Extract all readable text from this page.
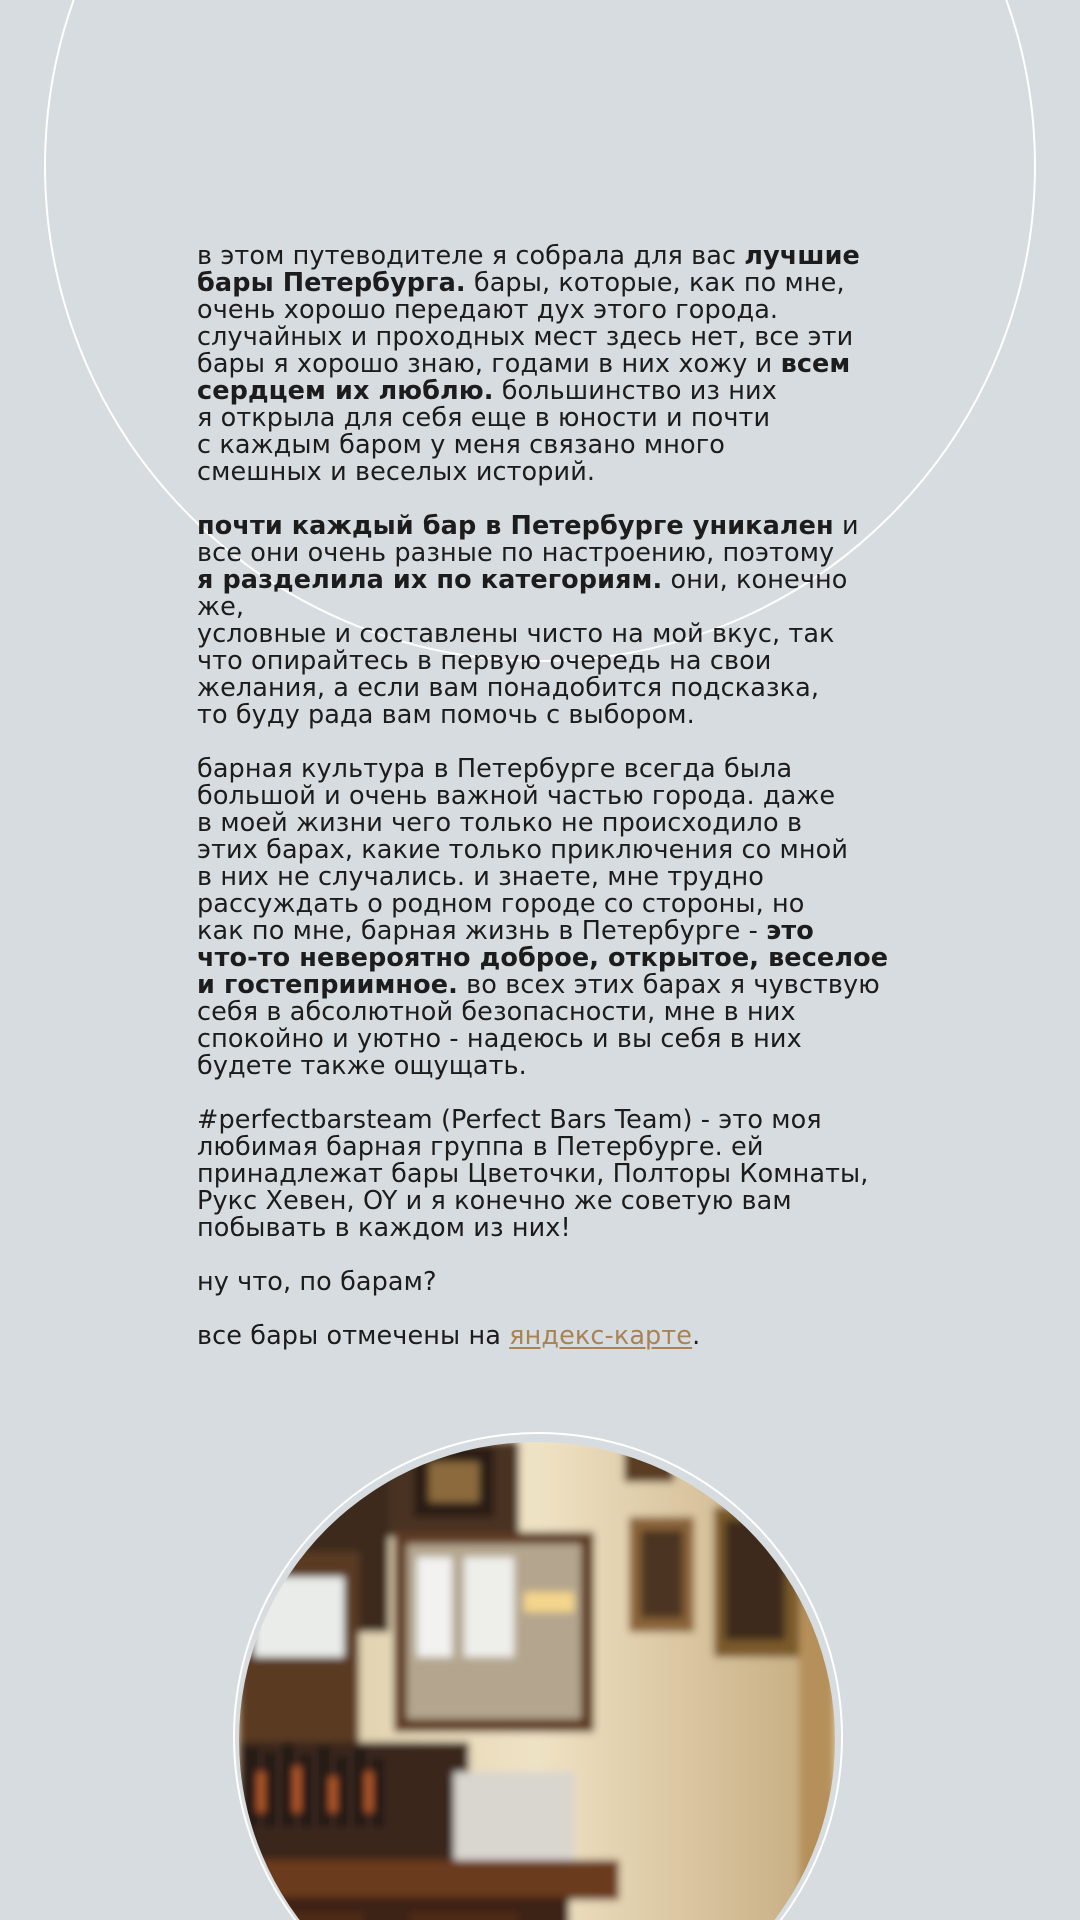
в этом путеводителе я собрала для вас лучшие
бары Петербурга. бары, которые, как по мне,
очень хорошо передают дух этого города.
случайных и проходных мест здесь нет, все эти
бары я хорошо знаю, годами в них хожу и всем
сердцем их люблю. большинство из них
я открыла для себя еще в юности и почти
с каждым баром у меня связано много
смешных и веселых историй.

почти каждый бар в Петербурге уникален и
все они очень разные по настроению, поэтому
я разделила их по категориям. они, конечно же,
условные и составлены чисто на мой вкус, так
что опирайтесь в первую очередь на свои
желания, а если вам понадобится подсказка,
то буду рада вам помочь с выбором.

барная культура в Петербурге всегда была
большой и очень важной частью города. даже
в моей жизни чего только не происходило в
этих барах, какие только приключения со мной
в них не случались. и знаете, мне трудно
рассуждать о родном городе со стороны, но
как по мне, барная жизнь в Петербурге - это
что-то невероятно доброе, открытое, веселое
и гостеприимное. во всех этих барах я чувствую
себя в абсолютной безопасности, мне в них
спокойно и уютно - надеюсь и вы себя в них
будете также ощущать.

#perfectbarsteam (Perfect Bars Team) - это моя
любимая барная группа в Петербурге. ей
принадлежат бары Цветочки, Полторы Комнаты,
Рукс Хевен, OY и я конечно же советую вам
побывать в каждом из них!

ну что, по барам?

все бары отмечены на яндекс-карте.
